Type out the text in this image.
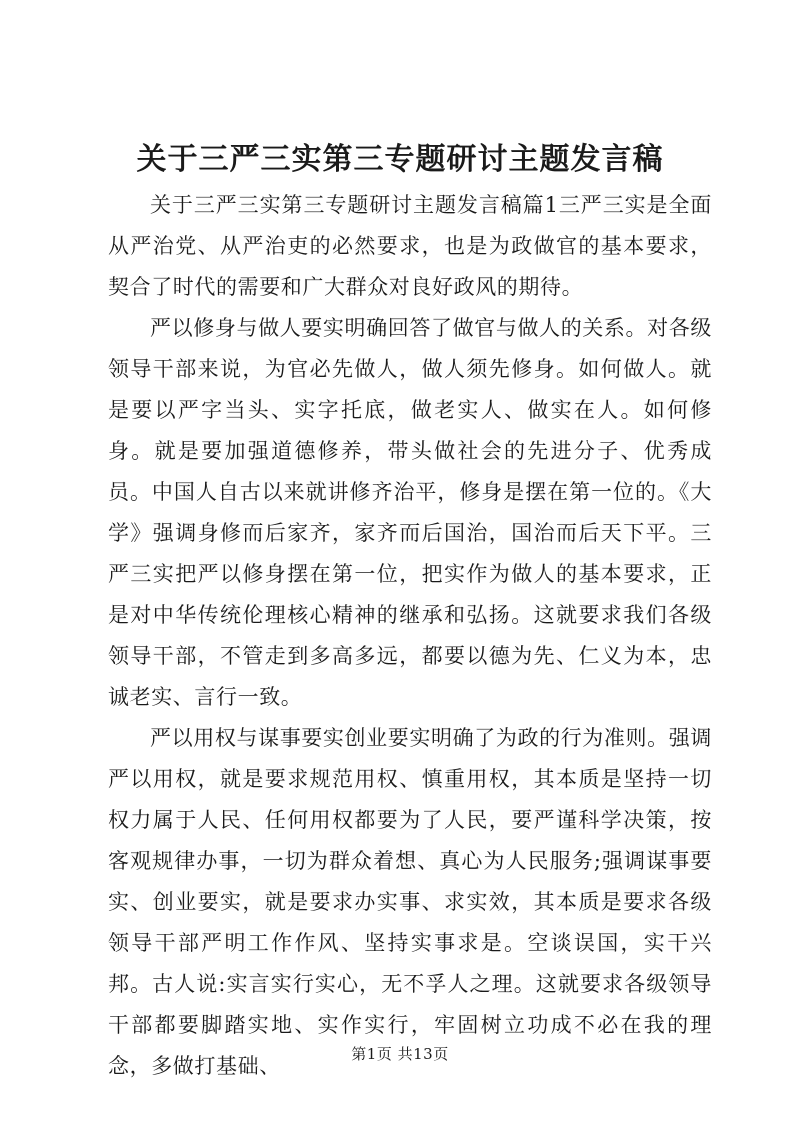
关于三严三实第三专题研讨主题发言稿

关于三严三实第三专题研讨主题发言稿篇1三严三实是全面从严治党、从严治吏的必然要求，也是为政做官的基本要求，契合了时代的需要和广大群众对良好政风的期待。

严以修身与做人要实明确回答了做官与做人的关系。对各级领导干部来说，为官必先做人，做人须先修身。如何做人。就是要以严字当头、实字托底，做老实人、做实在人。如何修身。就是要加强道德修养，带头做社会的先进分子、优秀成员。中国人自古以来就讲修齐治平，修身是摆在第一位的。《大学》强调身修而后家齐，家齐而后国治，国治而后天下平。三严三实把严以修身摆在第一位，把实作为做人的基本要求，正是对中华传统伦理核心精神的继承和弘扬。这就要求我们各级领导干部，不管走到多高多远，都要以德为先、仁义为本，忠诚老实、言行一致。

严以用权与谋事要实创业要实明确了为政的行为准则。强调严以用权，就是要求规范用权、慎重用权，其本质是坚持一切权力属于人民、任何用权都要为了人民，要严谨科学决策，按客观规律办事，一切为群众着想、真心为人民服务;强调谋事要实、创业要实，就是要求办实事、求实效，其本质是要求各级领导干部严明工作作风、坚持实事求是。空谈误国，实干兴邦。古人说:实言实行实心，无不孚人之理。这就要求各级领导干部都要脚踏实地、实作实行，牢固树立功成不必在我的理念，多做打基础、	第1页 共13页
